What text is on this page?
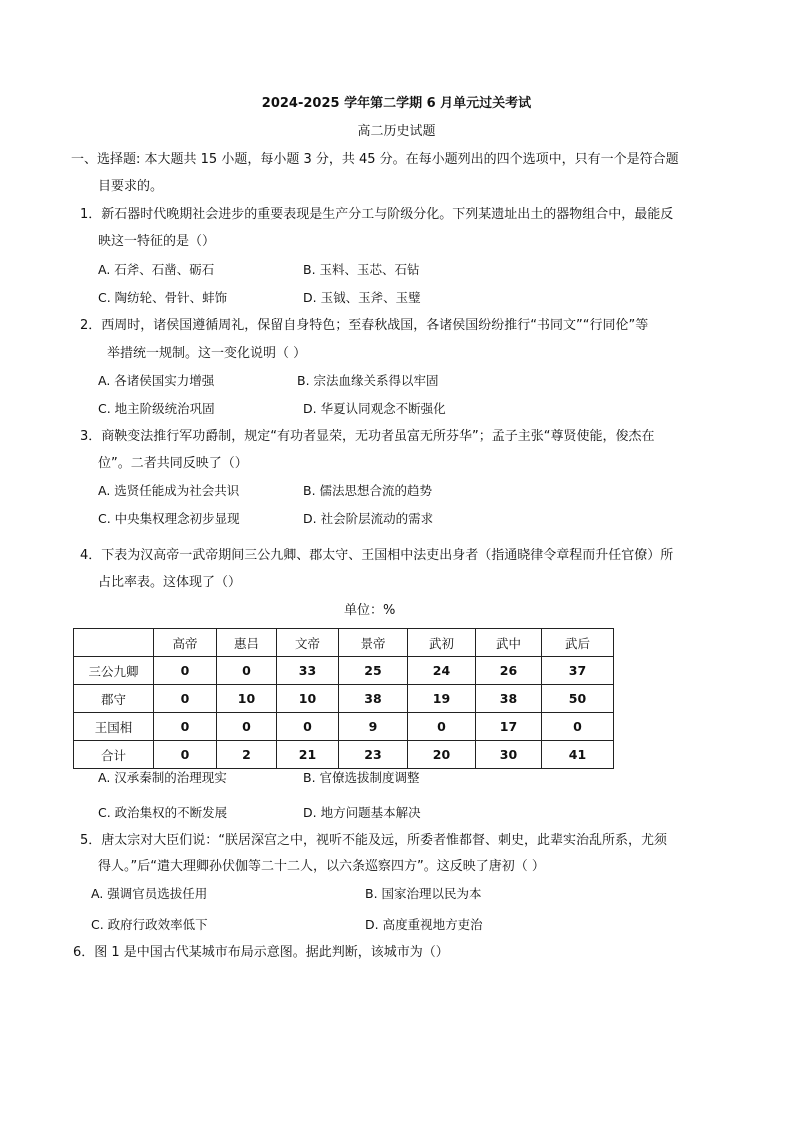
2024-2025 学年第二学期 6 月单元过关考试
高二历史试题
一、选择题: 本大题共 15 小题，每小题 3 分，共 45 分。在每小题列出的四个选项中，只有一个是符合题
目要求的。
1．新石器时代晚期社会进步的重要表现是生产分工与阶级分化。下列某遗址出土的器物组合中，最能反
映这一特征的是（）
A. 石斧、石凿、砺石	B. 玉料、玉芯、石钻
C. 陶纺轮、骨针、蚌饰	D. 玉钺、玉斧、玉璧
2．西周时，诸侯国遵循周礼，保留自身特色；至春秋战国，各诸侯国纷纷推行“书同文”“行同伦”等
举措统一规制。这一变化说明（ ）
A. 各诸侯国实力增强	B. 宗法血缘关系得以牢固
C. 地主阶级统治巩固	D. 华夏认同观念不断强化
3．商鞅变法推行军功爵制，规定“有功者显荣，无功者虽富无所芬华”；孟子主张“尊贤使能，俊杰在
位”。二者共同反映了（）
A. 选贤任能成为社会共识	B. 儒法思想合流的趋势
C. 中央集权理念初步显现	D. 社会阶层流动的需求
4．下表为汉高帝一武帝期间三公九卿、郡太守、王国相中法吏出身者（指通晓律令章程而升任官僚）所
占比率表。这体现了（）
单位：%
	高帝	惠吕	文帝	景帝	武初	武中	武后
三公九卿	0	0	33	25	24	26	37
郡守	0	10	10	38	19	38	50
王国相	0	0	0	9	0	17	0
合计	0	2	21	23	20	30	41
A. 汉承秦制的治理现实	B. 官僚选拔制度调整
C. 政治集权的不断发展	D. 地方问题基本解决
5．唐太宗对大臣们说：“朕居深宫之中，视听不能及远，所委者惟都督、刺史，此辈实治乱所系，尤须
得人。”后“遣大理卿孙伏伽等二十二人，以六条巡察四方”。这反映了唐初（ ）
A. 强调官员选拔任用	B. 国家治理以民为本
C. 政府行政效率低下	D. 高度重视地方吏治
6．图 1 是中国古代某城市布局示意图。据此判断，该城市为（）
